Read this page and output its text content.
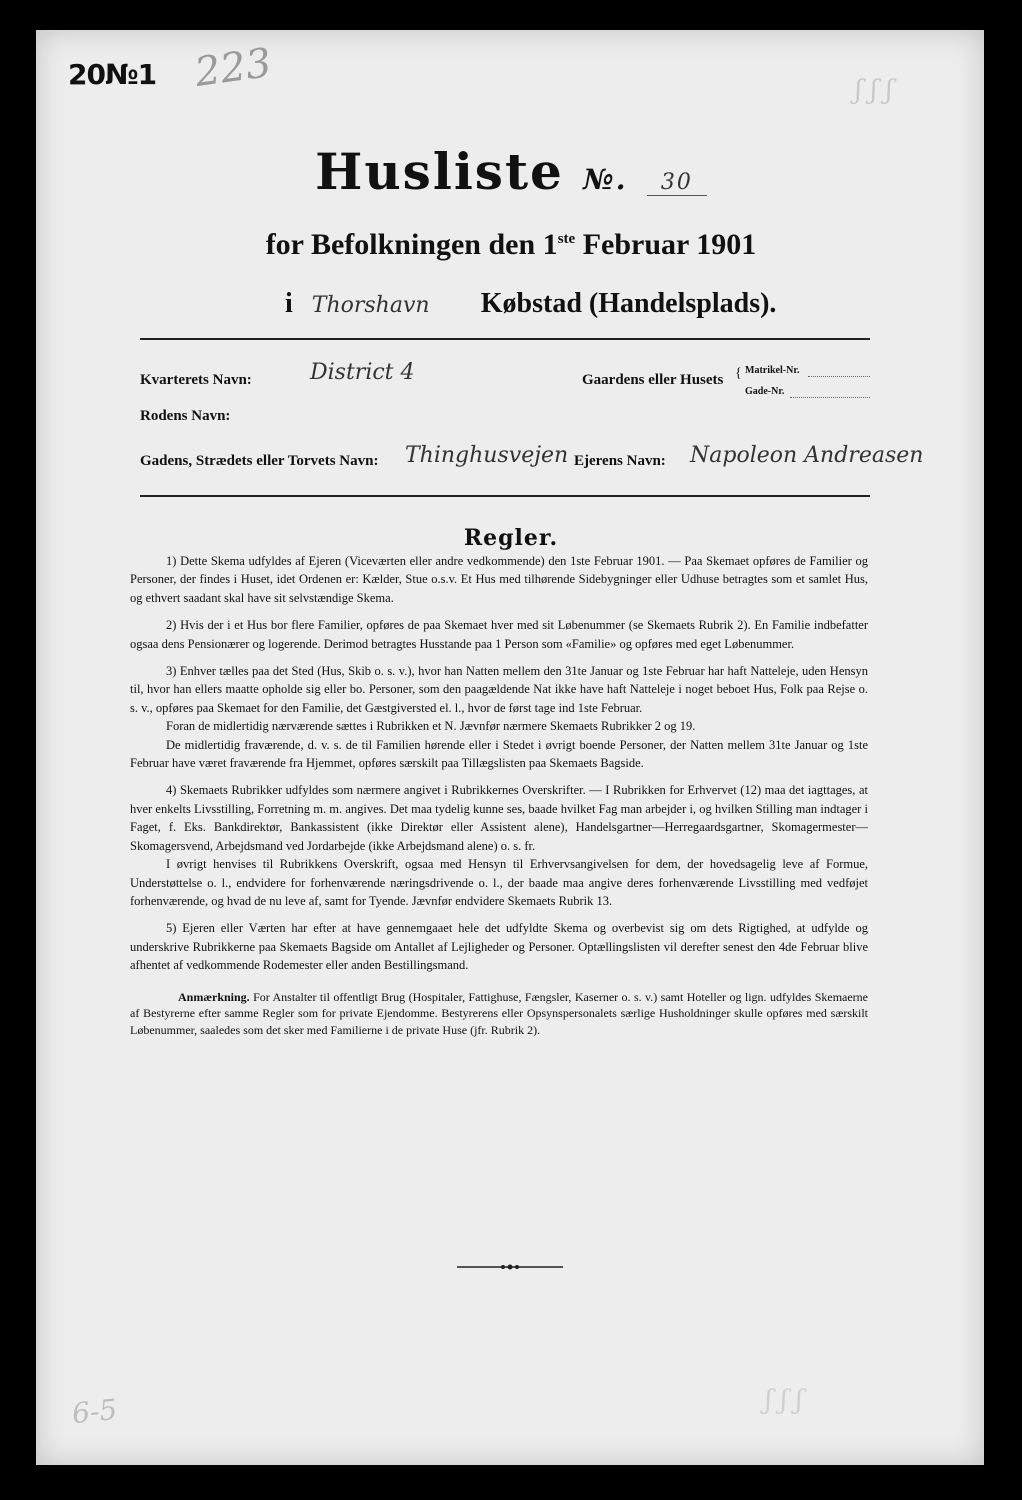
20№1 223	ʃ ʃ ʃ
6-5	ʃ ʃ ʃ
Husliste №. 30
for Befolkningen den 1ste Februar 1901
i Thorshavn Købstad (Handelsplads).
Kvarterets Navn:	District 4	Gaardens eller Husets { Matrikel-Nr.
Gade-Nr.
Rodens Navn:
Gadens, Strædets eller Torvets Navn: Thinghusvejen Ejerens Navn: Napoleon Andreasen
Regler.

1) Dette Skema udfyldes af Ejeren (Viceværten eller andre vedkommende) den 1ste Februar 1901. — Paa Skemaet opføres de Familier og Personer, der findes i Huset, idet Ordenen er: Kælder, Stue o.s.v. Et Hus med tilhørende Sidebygninger eller Udhuse betragtes som et samlet Hus, og ethvert saadant skal have sit selvstændige Skema.

2) Hvis der i et Hus bor flere Familier, opføres de paa Skemaet hver med sit Løbenummer (se Skemaets Rubrik 2). En Familie indbefatter ogsaa dens Pensionærer og logerende. Derimod betragtes Husstande paa 1 Person som «Familie» og opføres med eget Løbenummer.

3) Enhver tælles paa det Sted (Hus, Skib o. s. v.), hvor han Natten mellem den 31te Januar og 1ste Februar har haft Natteleje, uden Hensyn til, hvor han ellers maatte opholde sig eller bo. Personer, som den paagældende Nat ikke have haft Natteleje i noget beboet Hus, Folk paa Rejse o. s. v., opføres paa Skemaet for den Familie, det Gæstgiversted el. l., hvor de først tage ind 1ste Februar.

Foran de midlertidig nærværende sættes i Rubrikken et N. Jævnfør nærmere Skemaets Rubrikker 2 og 19.

De midlertidig fraværende, d. v. s. de til Familien hørende eller i Stedet i øvrigt boende Personer, der Natten mellem 31te Januar og 1ste Februar have været fraværende fra Hjemmet, opføres særskilt paa Tillægslisten paa Skemaets Bagside.

4) Skemaets Rubrikker udfyldes som nærmere angivet i Rubrikkernes Overskrifter. — I Rubrikken for Erhvervet (12) maa det iagttages, at hver enkelts Livsstilling, Forretning m. m. angives. Det maa tydelig kunne ses, baade hvilket Fag man arbejder i, og hvilken Stilling man indtager i Faget, f. Eks. Bankdirektør, Bankassistent (ikke Direktør eller Assistent alene), Handelsgartner—Herregaardsgartner, Skomagermester—Skomagersvend, Arbejdsmand ved Jordarbejde (ikke Arbejdsmand alene) o. s. fr.

I øvrigt henvises til Rubrikkens Overskrift, ogsaa med Hensyn til Erhvervsangivelsen for dem, der hovedsagelig leve af Formue, Understøttelse o. l., endvidere for forhenværende næringsdrivende o. l., der baade maa angive deres forhenværende Livsstilling med vedføjet forhenværende, og hvad de nu leve af, samt for Tyende. Jævnfør endvidere Skemaets Rubrik 13.

5) Ejeren eller Værten har efter at have gennemgaaet hele det udfyldte Skema og overbevist sig om dets Rigtighed, at udfylde og underskrive Rubrikkerne paa Skemaets Bagside om Antallet af Lejligheder og Personer. Optællingslisten vil derefter senest den 4de Februar blive afhentet af vedkommende Rodemester eller anden Bestillingsmand.

Anmærkning. For Anstalter til offentligt Brug (Hospitaler, Fattighuse, Fængsler, Kaserner o. s. v.) samt Hoteller og lign. udfyldes Skemaerne af Bestyrerne efter samme Regler som for private Ejendomme. Bestyrerens eller Opsynspersonalets særlige Husholdninger skulle opføres med særskilt Løbenummer, saaledes som det sker med Familierne i de private Huse (jfr. Rubrik 2).
